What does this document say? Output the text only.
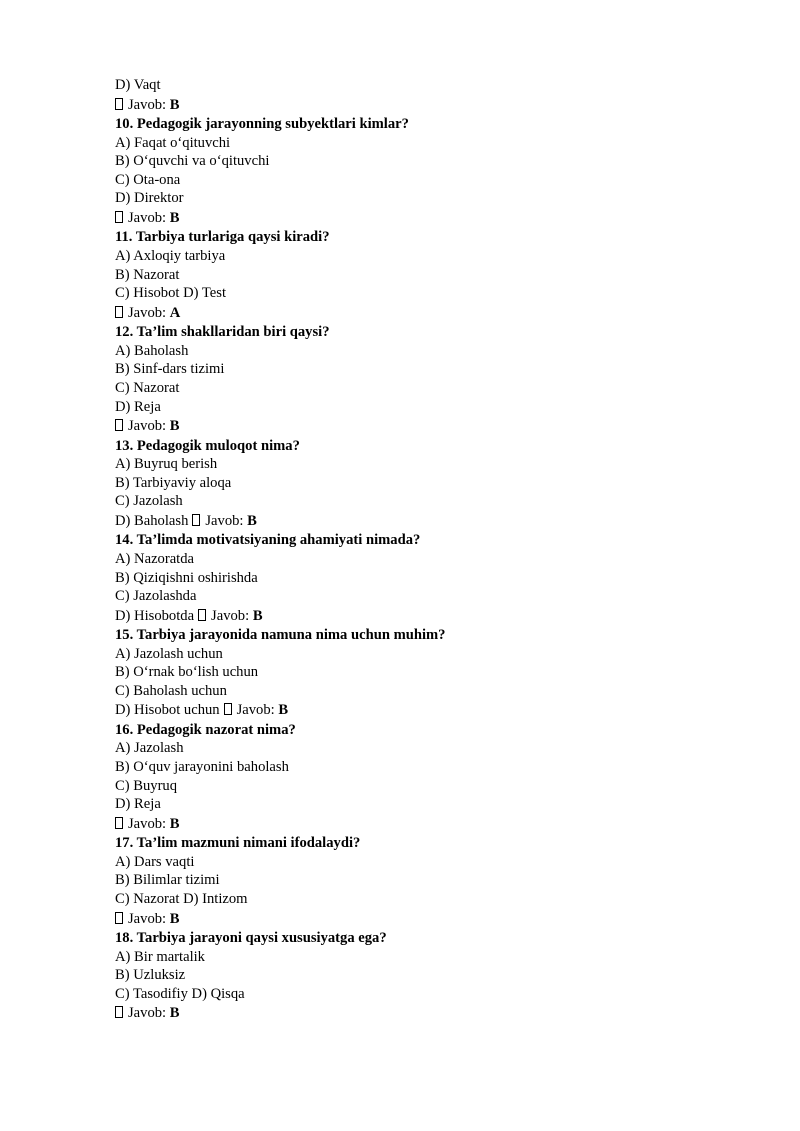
D) Vaqt
Javob: B
10. Pedagogik jarayonning subyektlari kimlar?
A) Faqat o‘qituvchi
B) O‘quvchi va o‘qituvchi
C) Ota-ona
D) Direktor
Javob: B
11. Tarbiya turlariga qaysi kiradi?
A) Axloqiy tarbiya
B) Nazorat
C) Hisobot D) Test
Javob: A
12. Ta’lim shakllaridan biri qaysi?
A) Baholash
B) Sinf-dars tizimi
C) Nazorat
D) Reja
Javob: B
13. Pedagogik muloqot nima?
A) Buyruq berish
B) Tarbiyaviy aloqa
C) Jazolash
D) Baholash Javob: B
14. Ta’limda motivatsiyaning ahamiyati nimada?
A) Nazoratda
B) Qiziqishni oshirishda
C) Jazolashda
D) Hisobotda Javob: B
15. Tarbiya jarayonida namuna nima uchun muhim?
A) Jazolash uchun
B) O‘rnak bo‘lish uchun
C) Baholash uchun
D) Hisobot uchun Javob: B
16. Pedagogik nazorat nima?
A) Jazolash
B) O‘quv jarayonini baholash
C) Buyruq
D) Reja
Javob: B
17. Ta’lim mazmuni nimani ifodalaydi?
A) Dars vaqti
B) Bilimlar tizimi
C) Nazorat D) Intizom
Javob: B
18. Tarbiya jarayoni qaysi xususiyatga ega?
A) Bir martalik
B) Uzluksiz
C) Tasodifiy D) Qisqa
Javob: B
